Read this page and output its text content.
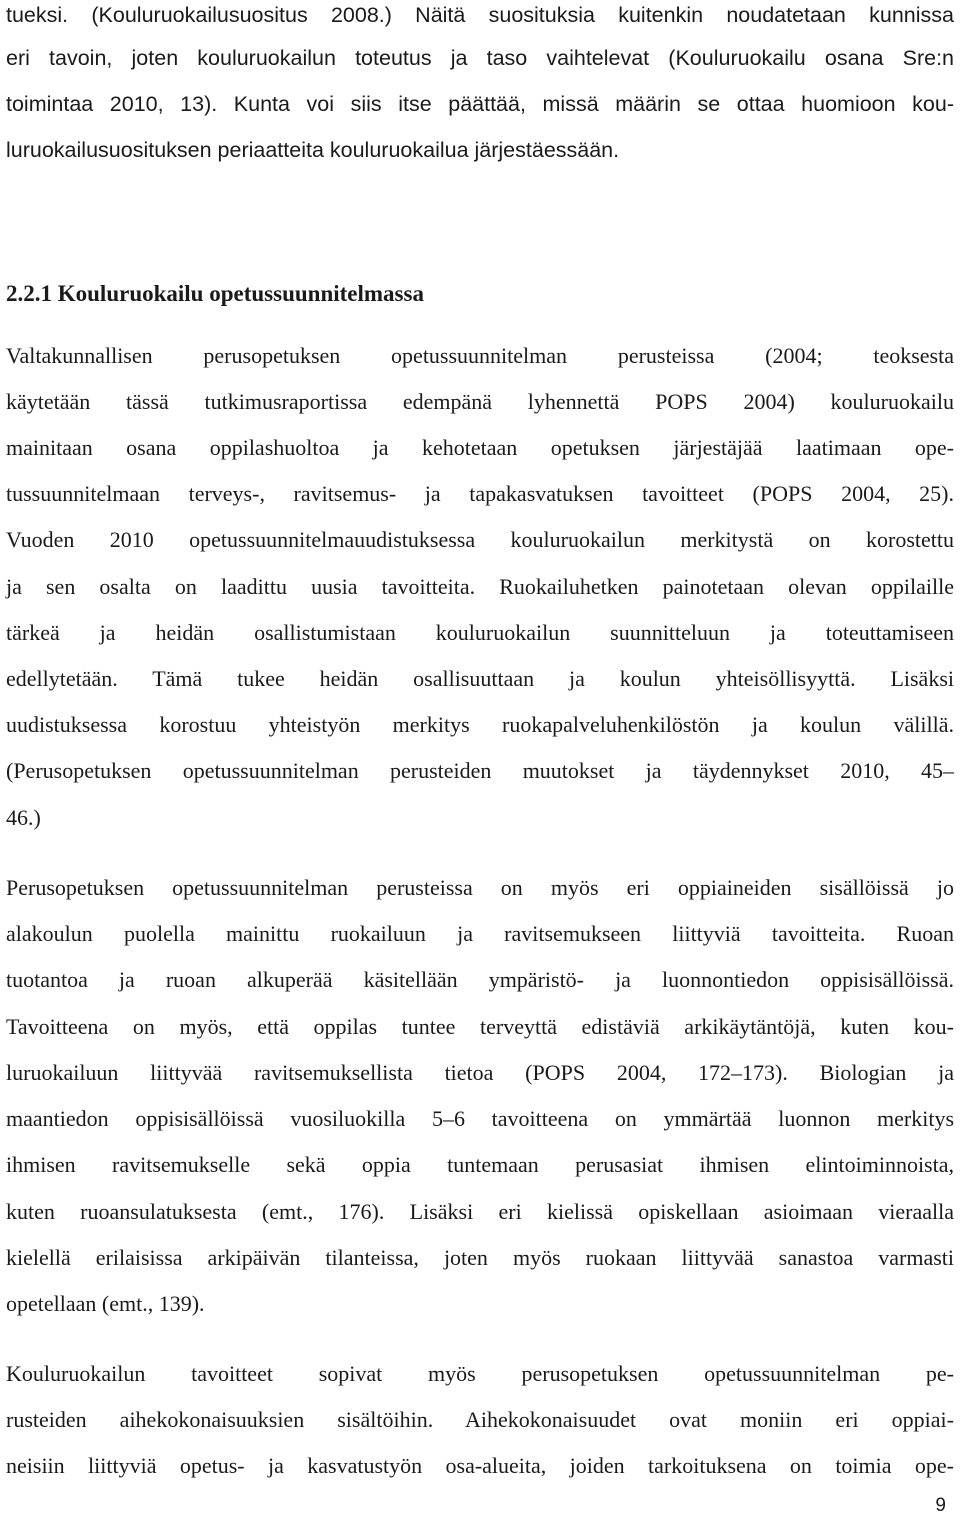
tueksi. (Kouluruokailusuositus 2008.) Näitä suosituksia kuitenkin noudatetaan kunnissa
eri tavoin, joten kouluruokailun toteutus ja taso vaihtelevat (Kouluruokailu osana Sre:n
toimintaa 2010, 13). Kunta voi siis itse päättää, missä määrin se ottaa huomioon kou-
luruokailusuosituksen periaatteita kouluruokailua järjestäessään.
2.2.1 Kouluruokailu opetussuunnitelmassa
Valtakunnallisen perusopetuksen opetussuunnitelman perusteissa (2004; teoksesta
käytetään tässä tutkimusraportissa edempänä lyhennettä POPS 2004) kouluruokailu
mainitaan osana oppilashuoltoa ja kehotetaan opetuksen järjestäjää laatimaan ope-
tussuunnitelmaan terveys-, ravitsemus- ja tapakasvatuksen tavoitteet (POPS 2004, 25).
Vuoden 2010 opetussuunnitelmauudistuksessa kouluruokailun merkitystä on korostettu
ja sen osalta on laadittu uusia tavoitteita. Ruokailuhetken painotetaan olevan oppilaille
tärkeä ja heidän osallistumistaan kouluruokailun suunnitteluun ja toteuttamiseen
edellytetään. Tämä tukee heidän osallisuuttaan ja koulun yhteisöllisyyttä. Lisäksi
uudistuksessa korostuu yhteistyön merkitys ruokapalveluhenkilöstön ja koulun välillä.
(Perusopetuksen opetussuunnitelman perusteiden muutokset ja täydennykset 2010, 45–
46.)
Perusopetuksen opetussuunnitelman perusteissa on myös eri oppiaineiden sisällöissä jo
alakoulun puolella mainittu ruokailuun ja ravitsemukseen liittyviä tavoitteita. Ruoan
tuotantoa ja ruoan alkuperää käsitellään ympäristö- ja luonnontiedon oppisisällöissä.
Tavoitteena on myös, että oppilas tuntee terveyttä edistäviä arkikäytäntöjä, kuten kou-
luruokailuun liittyvää ravitsemuksellista tietoa (POPS 2004, 172–173). Biologian ja
maantiedon oppisisällöissä vuosiluokilla 5–6 tavoitteena on ymmärtää luonnon merkitys
ihmisen ravitsemukselle sekä oppia tuntemaan perusasiat ihmisen elintoiminnoista,
kuten ruoansulatuksesta (emt., 176). Lisäksi eri kielissä opiskellaan asioimaan vieraalla
kielellä erilaisissa arkipäivän tilanteissa, joten myös ruokaan liittyvää sanastoa varmasti
opetellaan (emt., 139).
Kouluruokailun tavoitteet sopivat myös perusopetuksen opetussuunnitelman pe-
rusteiden aihekokonaisuuksien sisältöihin. Aihekokonaisuudet ovat moniin eri oppiai-
neisiin liittyviä opetus- ja kasvatustyön osa-alueita, joiden tarkoituksena on toimia ope-
9
